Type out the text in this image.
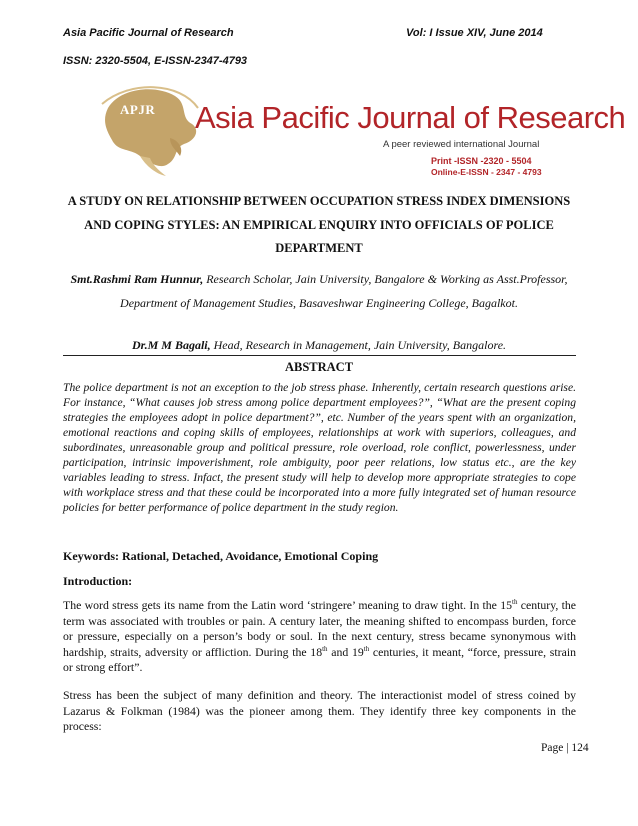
Asia Pacific Journal of Research	Vol: I Issue XIV, June 2014
ISSN: 2320-5504, E-ISSN-2347-4793
APJR Asia Pacific Journal of Research
A peer reviewed international Journal
Print -ISSN -2320 - 5504
Online-E-ISSN - 2347 - 4793
A STUDY ON RELATIONSHIP BETWEEN OCCUPATION STRESS INDEX DIMENSIONS
AND COPING STYLES: AN EMPIRICAL ENQUIRY INTO OFFICIALS OF POLICE
DEPARTMENT
Smt.Rashmi Ram Hunnur, Research Scholar, Jain University, Bangalore & Working as Asst.Professor,
Department of Management Studies, Basaveshwar Engineering College, Bagalkot.
Dr.M M Bagali, Head, Research in Management, Jain University, Bangalore.
ABSTRACT

The police department is not an exception to the job stress phase. Inherently, certain research questions arise. For instance, “What causes job stress among police department employees?”, “What are the present coping strategies the employees adopt in police department?”, etc. Number of the years spent with an organization, emotional reactions and coping skills of employees, relationships at work with superiors, colleagues, and subordinates, unreasonable group and political pressure, role overload, role conflict, powerlessness, under participation, intrinsic impoverishment, role ambiguity, poor peer relations, low status etc., are the key variables leading to stress. Infact, the present study will help to develop more appropriate strategies to cope with workplace stress and that these could be incorporated into a more fully integrated set of human resource policies for better performance of police department in the study region.

Keywords: Rational, Detached, Avoidance, Emotional Coping
Introduction:

The word stress gets its name from the Latin word ‘stringere’ meaning to draw tight. In the 15th century, the term was associated with troubles or pain. A century later, the meaning shifted to encompass burden, force or pressure, especially on a person’s body or soul. In the next century, stress became synonymous with hardship, straits, adversity or affliction. During the 18th and 19th centuries, it meant, “force, pressure, strain or strong effort”.

Stress has been the subject of many definition and theory. The interactionist model of stress coined by Lazarus & Folkman (1984) was the pioneer among them. They identify three key components in the process:

Page | 124
